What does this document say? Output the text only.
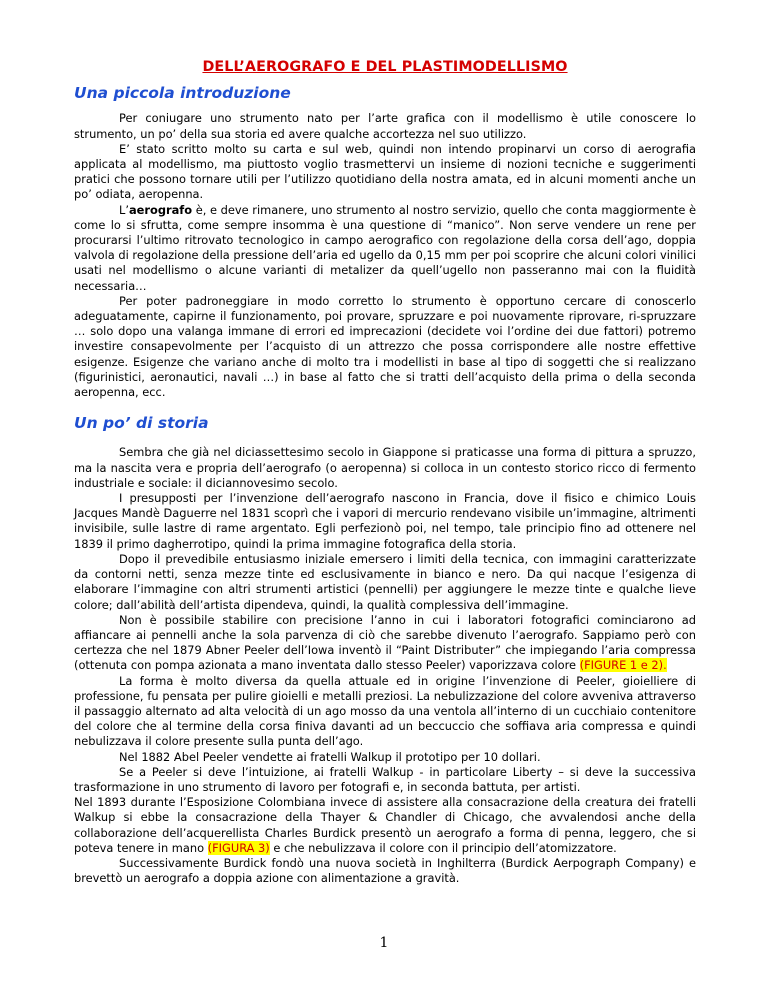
DELL’AEROGRAFO E DEL PLASTIMODELLISMO
Una piccola introduzione

Per coniugare uno strumento nato per l’arte grafica con il modellismo è utile conoscere lo strumento, un po’ della sua storia ed avere qualche accortezza nel suo utilizzo.

E’ stato scritto molto su carta e sul web, quindi non intendo propinarvi un corso di aerografia applicata al modellismo, ma piuttosto voglio trasmettervi un insieme di nozioni tecniche e suggerimenti pratici che possono tornare utili per l’utilizzo quotidiano della nostra amata, ed in alcuni momenti anche un po’ odiata, aeropenna.

L’aerografo è, e deve rimanere, uno strumento al nostro servizio, quello che conta maggiormente è come lo si sfrutta, come sempre insomma è una questione di “manico”. Non serve vendere un rene per procurarsi l’ultimo ritrovato tecnologico in campo aerografico con regolazione della corsa dell’ago, doppia valvola di regolazione della pressione dell’aria ed ugello da 0,15 mm per poi scoprire che alcuni colori vinilici usati nel modellismo o alcune varianti di metalizer da quell’ugello non passeranno mai con la fluidità necessaria…

Per poter padroneggiare in modo corretto lo strumento è opportuno cercare di conoscerlo adeguatamente, capirne il funzionamento, poi provare, spruzzare e poi nuovamente riprovare, ri-spruzzare … solo dopo una valanga immane di errori ed imprecazioni (decidete voi l’ordine dei due fattori) potremo investire consapevolmente per l’acquisto di un attrezzo che possa corrispondere alle nostre effettive esigenze. Esigenze che variano anche di molto tra i modellisti in base al tipo di soggetti che si realizzano (figurinistici, aeronautici, navali …) in base al fatto che si tratti dell’acquisto della prima o della seconda aeropenna, ecc.

Un po’ di storia

Sembra che già nel diciassettesimo secolo in Giappone si praticasse una forma di pittura a spruzzo, ma la nascita vera e propria dell’aerografo (o aeropenna) si colloca in un contesto storico ricco di fermento industriale e sociale: il diciannovesimo secolo.

I presupposti per l’invenzione dell’aerografo nascono in Francia, dove il fisico e chimico Louis Jacques Mandè Daguerre nel 1831 scoprì che i vapori di mercurio rendevano visibile un’immagine, altrimenti invisibile, sulle lastre di rame argentato. Egli perfezionò poi, nel tempo, tale principio fino ad ottenere nel 1839 il primo dagherrotipo, quindi la prima immagine fotografica della storia.

Dopo il prevedibile entusiasmo iniziale emersero i limiti della tecnica, con immagini caratterizzate da contorni netti, senza mezze tinte ed esclusivamente in bianco e nero. Da qui nacque l’esigenza di elaborare l’immagine con altri strumenti artistici (pennelli) per aggiungere le mezze tinte e qualche lieve colore; dall’abilità dell’artista dipendeva, quindi, la qualità complessiva dell’immagine.

Non è possibile stabilire con precisione l’anno in cui i laboratori fotografici cominciarono ad affiancare ai pennelli anche la sola parvenza di ciò che sarebbe divenuto l’aerografo. Sappiamo però con certezza che nel 1879 Abner Peeler dell’Iowa inventò il “Paint Distributer” che impiegando l’aria compressa (ottenuta con pompa azionata a mano inventata dallo stesso Peeler) vaporizzava colore (FIGURE 1 e 2).

La forma è molto diversa da quella attuale ed in origine l’invenzione di Peeler, gioielliere di professione, fu pensata per pulire gioielli e metalli preziosi. La nebulizzazione del colore avveniva attraverso il passaggio alternato ad alta velocità di un ago mosso da una ventola all’interno di un cucchiaio contenitore del colore che al termine della corsa finiva davanti ad un beccuccio che soffiava aria compressa e quindi nebulizzava il colore presente sulla punta dell’ago.

Nel 1882 Abel Peeler vendette ai fratelli Walkup il prototipo per 10 dollari.

Se a Peeler si deve l’intuizione, ai fratelli Walkup - in particolare Liberty – si deve la successiva trasformazione in uno strumento di lavoro per fotografi e, in seconda battuta, per artisti.

Nel 1893 durante l’Esposizione Colombiana invece di assistere alla consacrazione della creatura dei fratelli Walkup si ebbe la consacrazione della Thayer & Chandler di Chicago, che avvalendosi anche della collaborazione dell’acquerellista Charles Burdick presentò un aerografo a forma di penna, leggero, che si poteva tenere in mano (FIGURA 3) e che nebulizzava il colore con il principio dell’atomizzatore.

Successivamente Burdick fondò una nuova società in Inghilterra (Burdick Aerpograph Company) e brevettò un aerografo a doppia azione con alimentazione a gravità.

1
